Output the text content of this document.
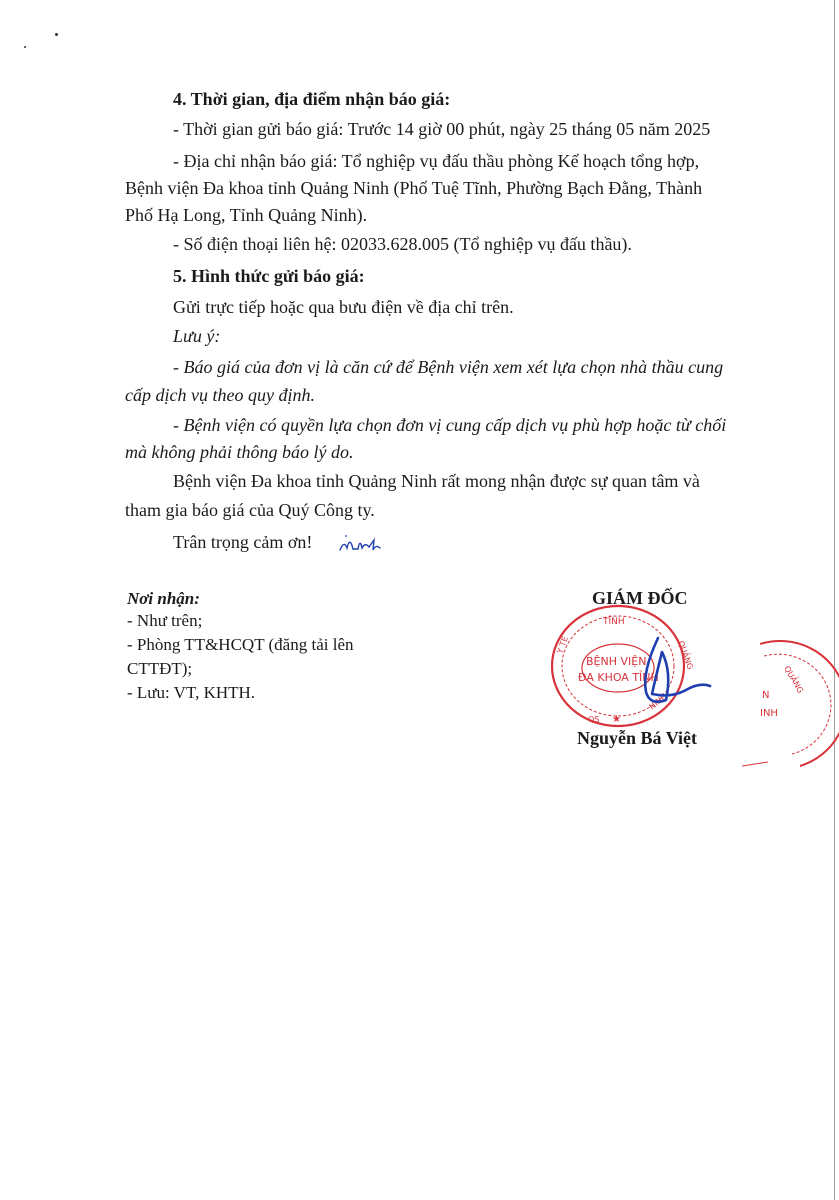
4. Thời gian, địa điểm nhận báo giá:
- Thời gian gửi báo giá: Trước 14 giờ 00 phút, ngày 25 tháng 05 năm 2025
- Địa chỉ nhận báo giá: Tổ nghiệp vụ đấu thầu phòng Kế hoạch tổng hợp,
Bệnh viện Đa khoa tỉnh Quảng Ninh (Phố Tuệ Tĩnh, Phường Bạch Đằng, Thành
Phố Hạ Long, Tỉnh Quảng Ninh).
- Số điện thoại liên hệ: 02033.628.005 (Tổ nghiệp vụ đấu thầu).
5. Hình thức gửi báo giá:
Gửi trực tiếp hoặc qua bưu điện về địa chỉ trên.
Lưu ý:
- Báo giá của đơn vị là căn cứ để Bệnh viện xem xét lựa chọn nhà thầu cung
cấp dịch vụ theo quy định.
- Bệnh viện có quyền lựa chọn đơn vị cung cấp dịch vụ phù hợp hoặc từ chối
mà không phải thông báo lý do.
Bệnh viện Đa khoa tỉnh Quảng Ninh rất mong nhận được sự quan tâm và
tham gia báo giá của Quý Công ty.
Trân trọng cảm ơn!
Nơi nhận:
- Như trên;
- Phòng TT&HCQT (đăng tải lên
CTTĐT);
- Lưu: VT, KHTH.
GIÁM ĐỐC
TỈNH
QUẢNG
Y TẾ
QS
NINH
BỆNH VIỆN
ĐA KHOA TỈNH
★
QUẢNG
N
INH
Nguyễn Bá Việt
